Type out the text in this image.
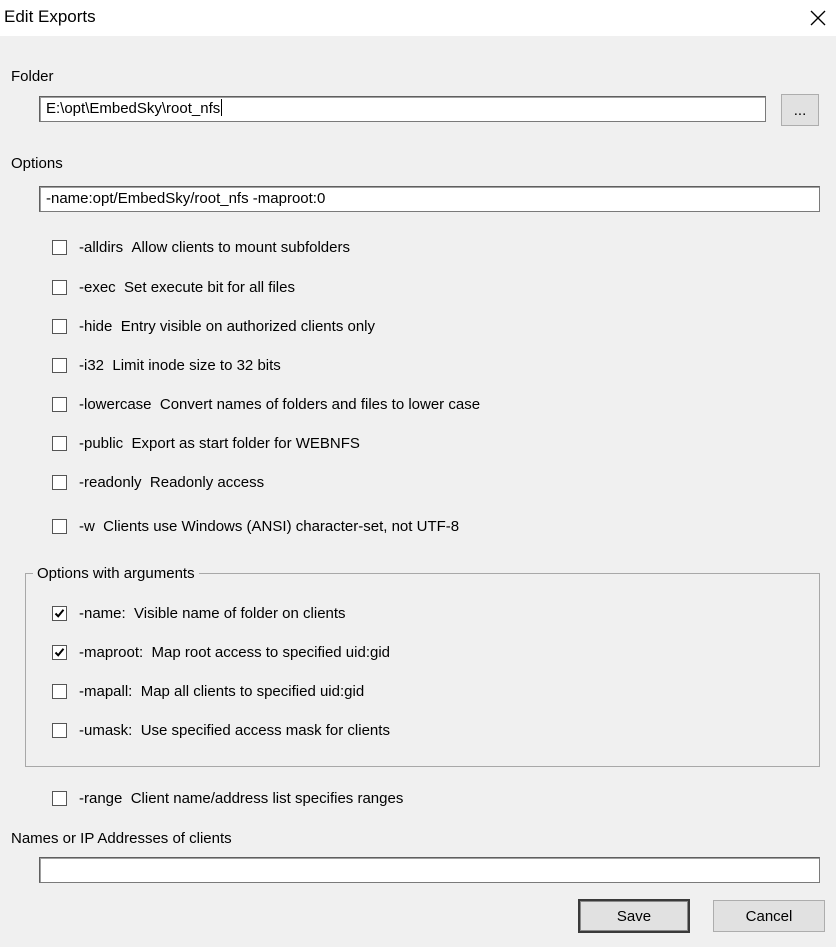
Edit Exports
Folder
E:\opt\EmbedSky\root_nfs	...
Options
-name:opt/EmbedSky/root_nfs -maproot:0
-alldirs
Allow clients to mount subfolders
-exec
Set execute bit for all files
-hide
Entry visible on authorized clients only
-i32
Limit inode size to 32 bits
-lowercase
Convert names of folders and files to lower case
-public
Export as start folder for WEBNFS
-readonly
Readonly access
-w
Clients use Windows (ANSI) character-set, not UTF-8
Options with arguments
-name:
Visible name of folder on clients
-maproot:
Map root access to specified uid:gid
-mapall:
Map all clients to specified uid:gid
-umask:
Use specified access mask for clients
-range
Client name/address list specifies ranges
Names or IP Addresses of clients
Save	Cancel
